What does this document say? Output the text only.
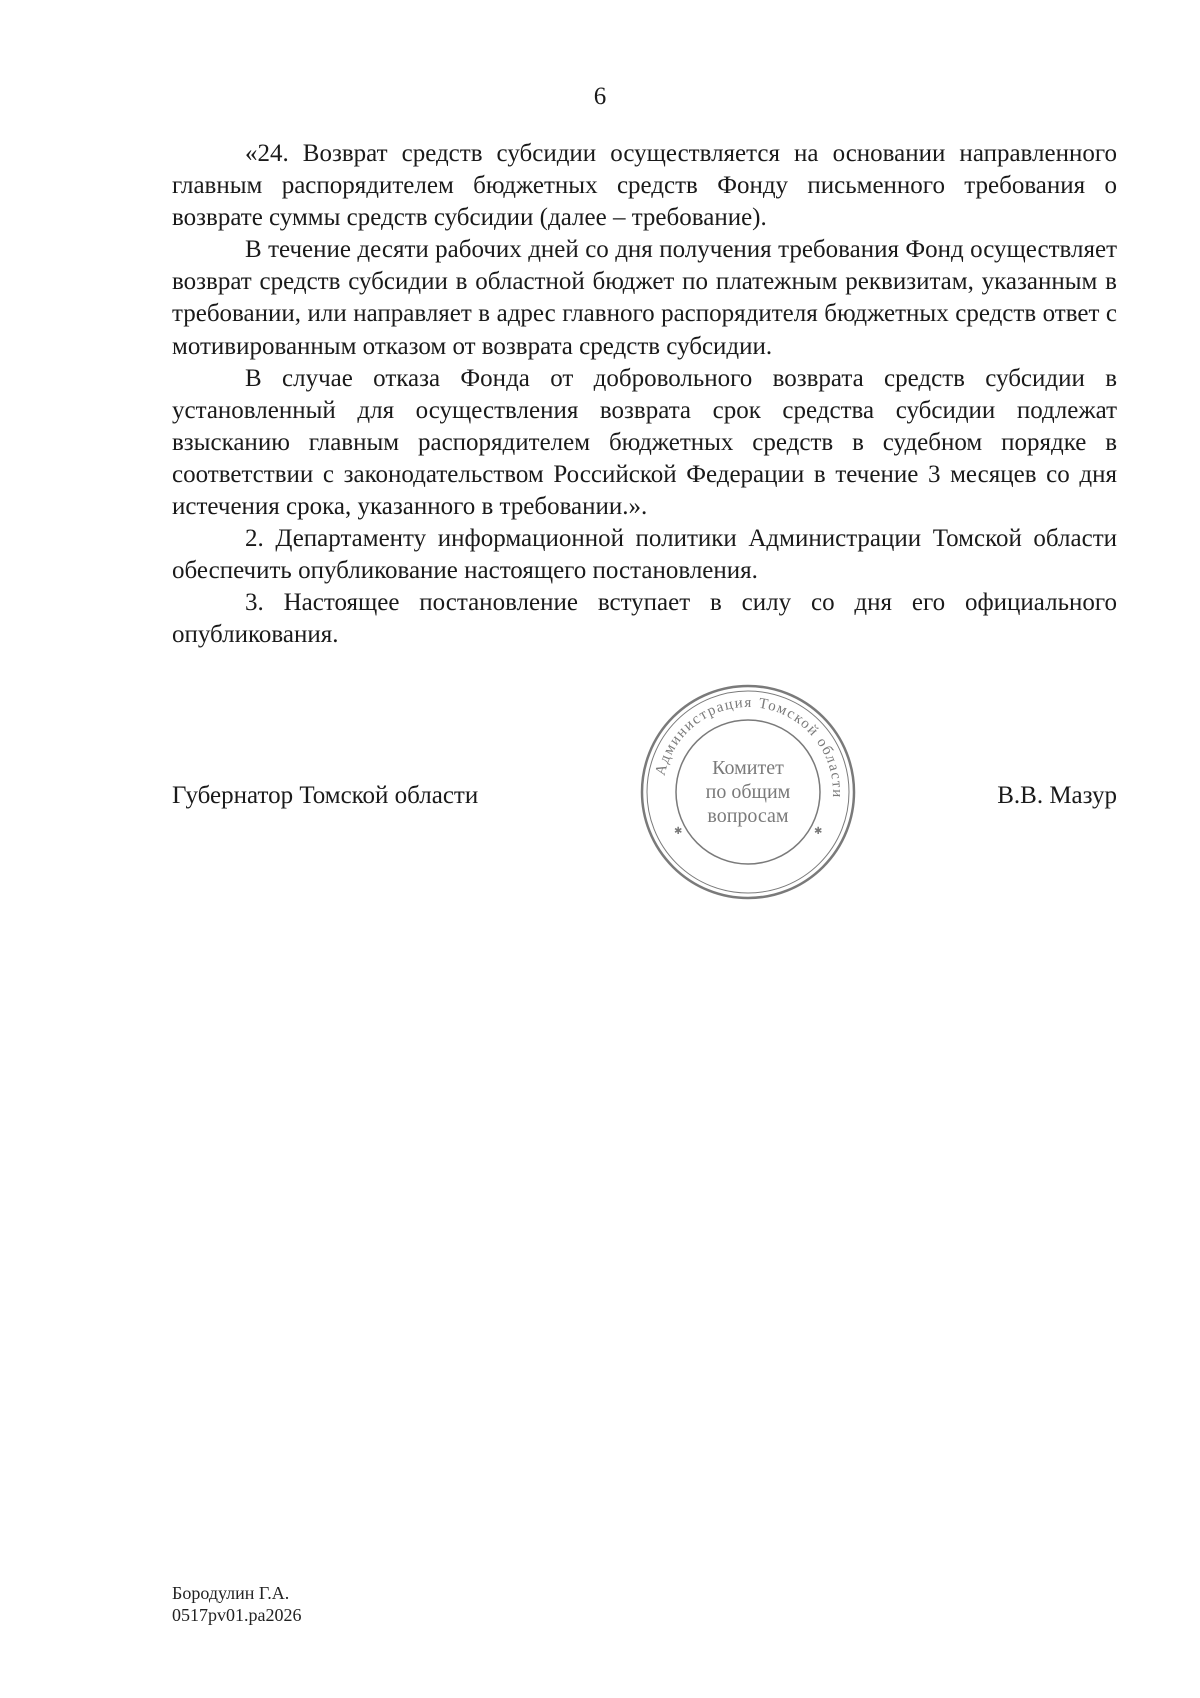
6

«24. Возврат средств субсидии осуществляется на основании направленного главным распорядителем бюджетных средств Фонду письменного требования о возврате суммы средств субсидии (далее – требование).

В течение десяти рабочих дней со дня получения требования Фонд осуществляет возврат средств субсидии в областной бюджет по платежным реквизитам, указанным в требовании, или направляет в адрес главного распорядителя бюджетных средств ответ с мотивированным отказом от возврата средств субсидии.

В случае отказа Фонда от добровольного возврата средств субсидии в установленный для осуществления возврата срок средства субсидии подлежат взысканию главным распорядителем бюджетных средств в судебном порядке в соответствии с законодательством Российской Федерации в течение 3 месяцев со дня истечения срока, указанного в требовании.».

2. Департаменту информационной политики Администрации Томской области обеспечить опубликование настоящего постановления.

3. Настоящее постановление вступает в силу со дня его официального опубликования.

Губернатор Томской области	В.В. Мазур
Администрация Томской области
✱	✱
Комитет
по общим
вопросам
Бородулин Г.А.
0517pv01.pa2026
